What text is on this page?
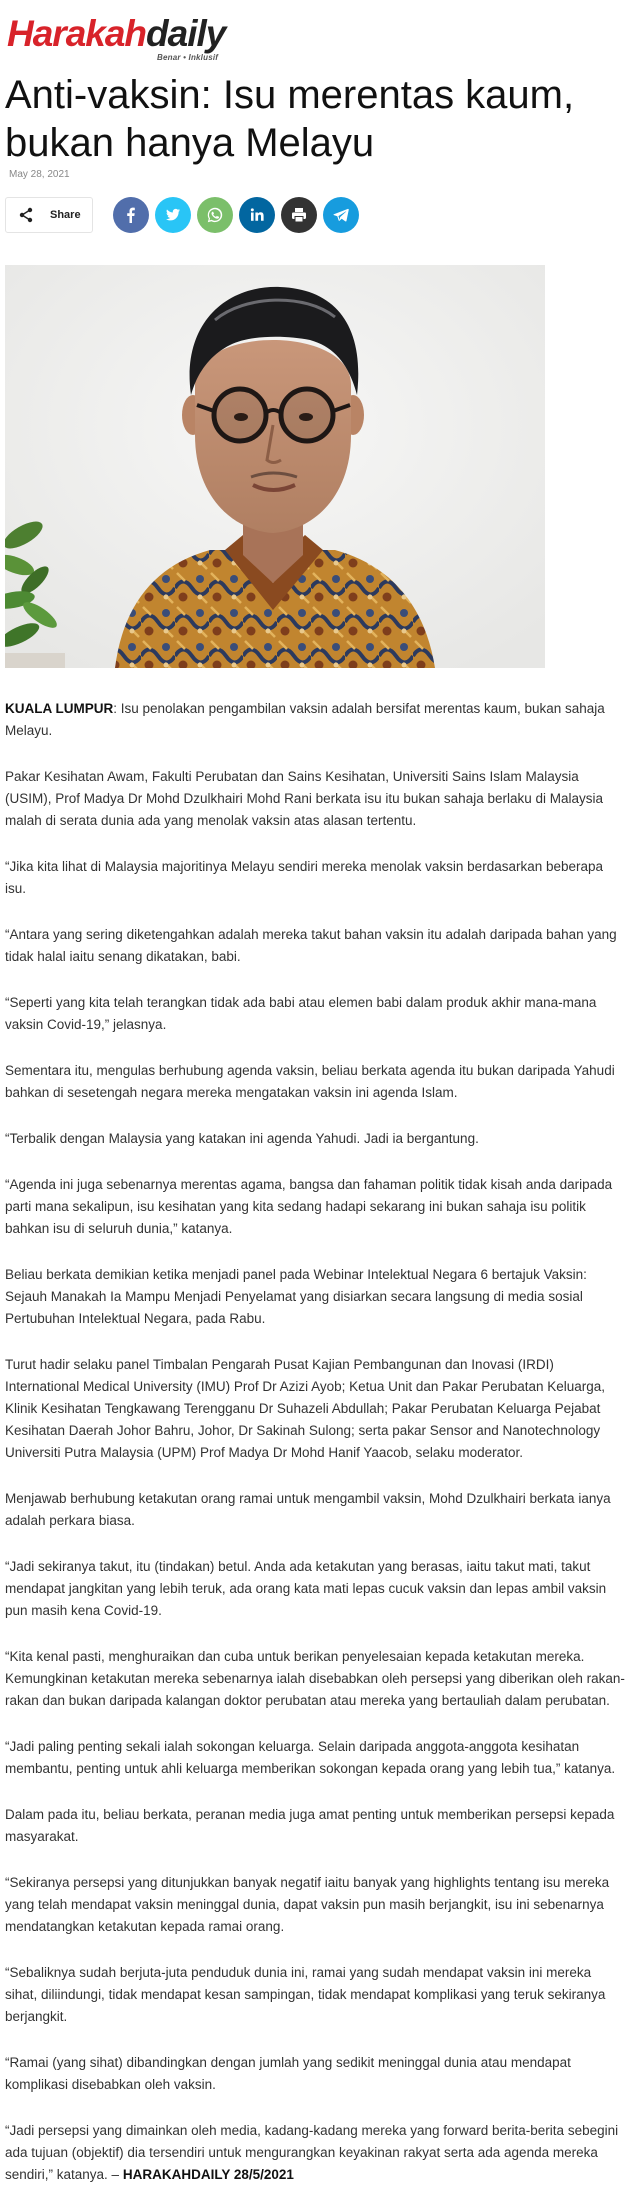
Harakahdaily
Benar • Inklusif
Anti-vaksin: Isu merentas kaum, bukan hanya Melayu
May 28, 2021
Share

KUALA LUMPUR: Isu penolakan pengambilan vaksin adalah bersifat merentas kaum, bukan sahaja Melayu.

Pakar Kesihatan Awam, Fakulti Perubatan dan Sains Kesihatan, Universiti Sains Islam Malaysia (USIM), Prof Madya Dr Mohd Dzulkhairi Mohd Rani berkata isu itu bukan sahaja berlaku di Malaysia malah di serata dunia ada yang menolak vaksin atas alasan tertentu.

“Jika kita lihat di Malaysia majoritinya Melayu sendiri mereka menolak vaksin berdasarkan beberapa isu.

“Antara yang sering diketengahkan adalah mereka takut bahan vaksin itu adalah daripada bahan yang tidak halal iaitu senang dikatakan, babi.

“Seperti yang kita telah terangkan tidak ada babi atau elemen babi dalam produk akhir mana-mana vaksin Covid-19,” jelasnya.

Sementara itu, mengulas berhubung agenda vaksin, beliau berkata agenda itu bukan daripada Yahudi bahkan di sesetengah negara mereka mengatakan vaksin ini agenda Islam.

“Terbalik dengan Malaysia yang katakan ini agenda Yahudi. Jadi ia bergantung.

“Agenda ini juga sebenarnya merentas agama, bangsa dan fahaman politik tidak kisah anda daripada parti mana sekalipun, isu kesihatan yang kita sedang hadapi sekarang ini bukan sahaja isu politik bahkan isu di seluruh dunia,” katanya.

Beliau berkata demikian ketika menjadi panel pada Webinar Intelektual Negara 6 bertajuk Vaksin: Sejauh Manakah Ia Mampu Menjadi Penyelamat yang disiarkan secara langsung di media sosial Pertubuhan Intelektual Negara, pada Rabu.

Turut hadir selaku panel Timbalan Pengarah Pusat Kajian Pembangunan dan Inovasi (IRDI) International Medical University (IMU) Prof Dr Azizi Ayob; Ketua Unit dan Pakar Perubatan Keluarga, Klinik Kesihatan Tengkawang Terengganu Dr Suhazeli Abdullah; Pakar Perubatan Keluarga Pejabat Kesihatan Daerah Johor Bahru, Johor, Dr Sakinah Sulong; serta pakar Sensor and Nanotechnology Universiti Putra Malaysia (UPM) Prof Madya Dr Mohd Hanif Yaacob, selaku moderator.

Menjawab berhubung ketakutan orang ramai untuk mengambil vaksin, Mohd Dzulkhairi berkata ianya adalah perkara biasa.

“Jadi sekiranya takut, itu (tindakan) betul. Anda ada ketakutan yang berasas, iaitu takut mati, takut mendapat jangkitan yang lebih teruk, ada orang kata mati lepas cucuk vaksin dan lepas ambil vaksin pun masih kena Covid-19.

“Kita kenal pasti, menghuraikan dan cuba untuk berikan penyelesaian kepada ketakutan mereka. Kemungkinan ketakutan mereka sebenarnya ialah disebabkan oleh persepsi yang diberikan oleh rakan-rakan dan bukan daripada kalangan doktor perubatan atau mereka yang bertauliah dalam perubatan.

“Jadi paling penting sekali ialah sokongan keluarga. Selain daripada anggota-anggota kesihatan membantu, penting untuk ahli keluarga memberikan sokongan kepada orang yang lebih tua,” katanya.

Dalam pada itu, beliau berkata, peranan media juga amat penting untuk memberikan persepsi kepada masyarakat.

“Sekiranya persepsi yang ditunjukkan banyak negatif iaitu banyak yang highlights tentang isu mereka yang telah mendapat vaksin meninggal dunia, dapat vaksin pun masih berjangkit, isu ini sebenarnya mendatangkan ketakutan kepada ramai orang.

“Sebaliknya sudah berjuta-juta penduduk dunia ini, ramai yang sudah mendapat vaksin ini mereka sihat, diliindungi, tidak mendapat kesan sampingan, tidak mendapat komplikasi yang teruk sekiranya berjangkit.

“Ramai (yang sihat) dibandingkan dengan jumlah yang sedikit meninggal dunia atau mendapat komplikasi disebabkan oleh vaksin.

“Jadi persepsi yang dimainkan oleh media, kadang-kadang mereka yang forward berita-berita sebegini ada tujuan (objektif) dia tersendiri untuk mengurangkan keyakinan rakyat serta ada agenda mereka sendiri,” katanya. – HARAKAHDAILY 28/5/2021
